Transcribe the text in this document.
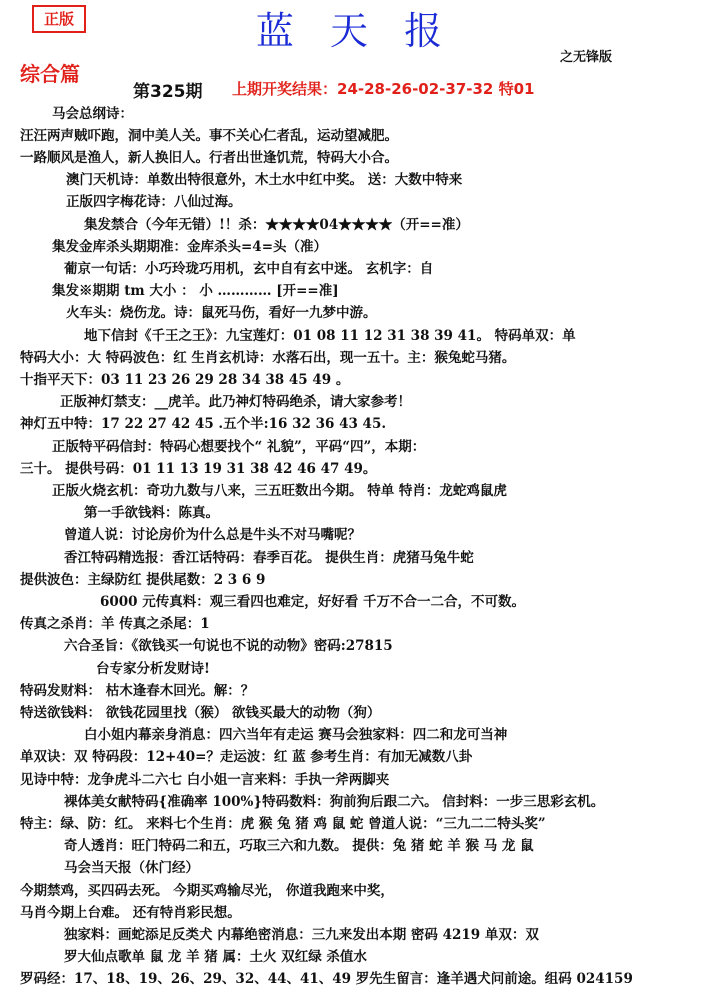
正版	蓝 天 报
之无锋版
综合篇
第325期 上期开奖结果：24-28-26-02-37-32 特01
马会总纲诗：
汪汪两声贼吓跑，洞中美人关。事不关心仁者乱，运动望减肥。
一路顺风是渔人，新人换旧人。行者出世逢饥荒，特码大小合。
澳门天机诗：单数出特很意外，木土水中红中奖。 送：大数中特来
正版四字梅花诗：八仙过海。
集发禁合（今年无错）!！杀：★★★★04★★★★（开==准）
集发金库杀头期期准：金库杀头=4=头（准）
葡京一句话：小巧玲珑巧用机，玄中自有玄中迷。 玄机字：自
集发※期期 tm 大小 ： 小 ………… [开==准]
火车头：烧伤龙。诗：鼠死马伤，看好一九梦中游。
地下信封《千王之王》：九宝莲灯：01 08 11 12 31 38 39 41。 特码单双：单
特码大小：大 特码波色：红 生肖玄机诗：水落石出，现一五十。主：猴兔蛇马猪。
十指平天下：03 11 23 26 29 28 34 38 45 49 。
正版神灯禁支：__虎羊。此乃神灯特码绝杀，请大家参考！
神灯五中特：17 22 27 42 45 .五个半:16 32 36 43 45.
正版特平码信封：特码心想要找个“ 礼貌”，平码“四”，本期：
三十。 提供号码：01 11 13 19 31 38 42 46 47 49。
正版火烧玄机：奇功九数与八来，三五旺数出今期。 特单 特肖：龙蛇鸡鼠虎
第一手欲钱料：陈真。
曾道人说：讨论房价为什么总是牛头不对马嘴呢？
香江特码精选报：香江话特码：春季百花。 提供生肖：虎猪马兔牛蛇
提供波色：主绿防红 提供尾数：2 3 6 9
6000 元传真料：观三看四也难定，好好看 千万不合一二合，不可数。
传真之杀肖：羊 传真之杀尾：1
六合圣旨：《欲钱买一句说也不说的动物》密码:27815
台专家分析发财诗!
特码发财料： 枯木逢春木回光。解：？
特送欲钱料： 欲钱花园里找（猴） 欲钱买最大的动物（狗）
白小姐内幕亲身消息：四六当年有走运 赛马会独家料：四二和龙可当神
单双诀：双 特码段：12+40=？走运波：红 蓝 参考生肖：有加无减数八卦
见诗中特：龙争虎斗二六七 白小姐一言来料：手执一斧两脚夹
裸体美女献特码{准确率 100%}特码数料：狗前狗后跟二六。 信封料：一步三思彩玄机。
特主：绿、防：红。 来料七个生肖：虎 猴 兔 猪 鸡 鼠 蛇 曾道人说：“三九二二特头奖”
奇人透肖：旺门特码二和五，巧取三六和九数。 提供：兔 猪 蛇 羊 猴 马 龙 鼠
马会当天报（休门经）
今期禁鸡，买四码去死。 今期买鸡输尽光， 你道我跑来中奖，
马肖今期上台难。 还有特肖彩民想。
独家料：画蛇添足反类犬 内幕绝密消息：三九来发出本期 密码 4219 单双：双
罗大仙点歌单 鼠 龙 羊 猪 属：土火 双红绿 杀值水
罗码经：17、18、19、26、29、32、44、41、49 罗先生留言：逢羊遇犬问前途。组码 024159
